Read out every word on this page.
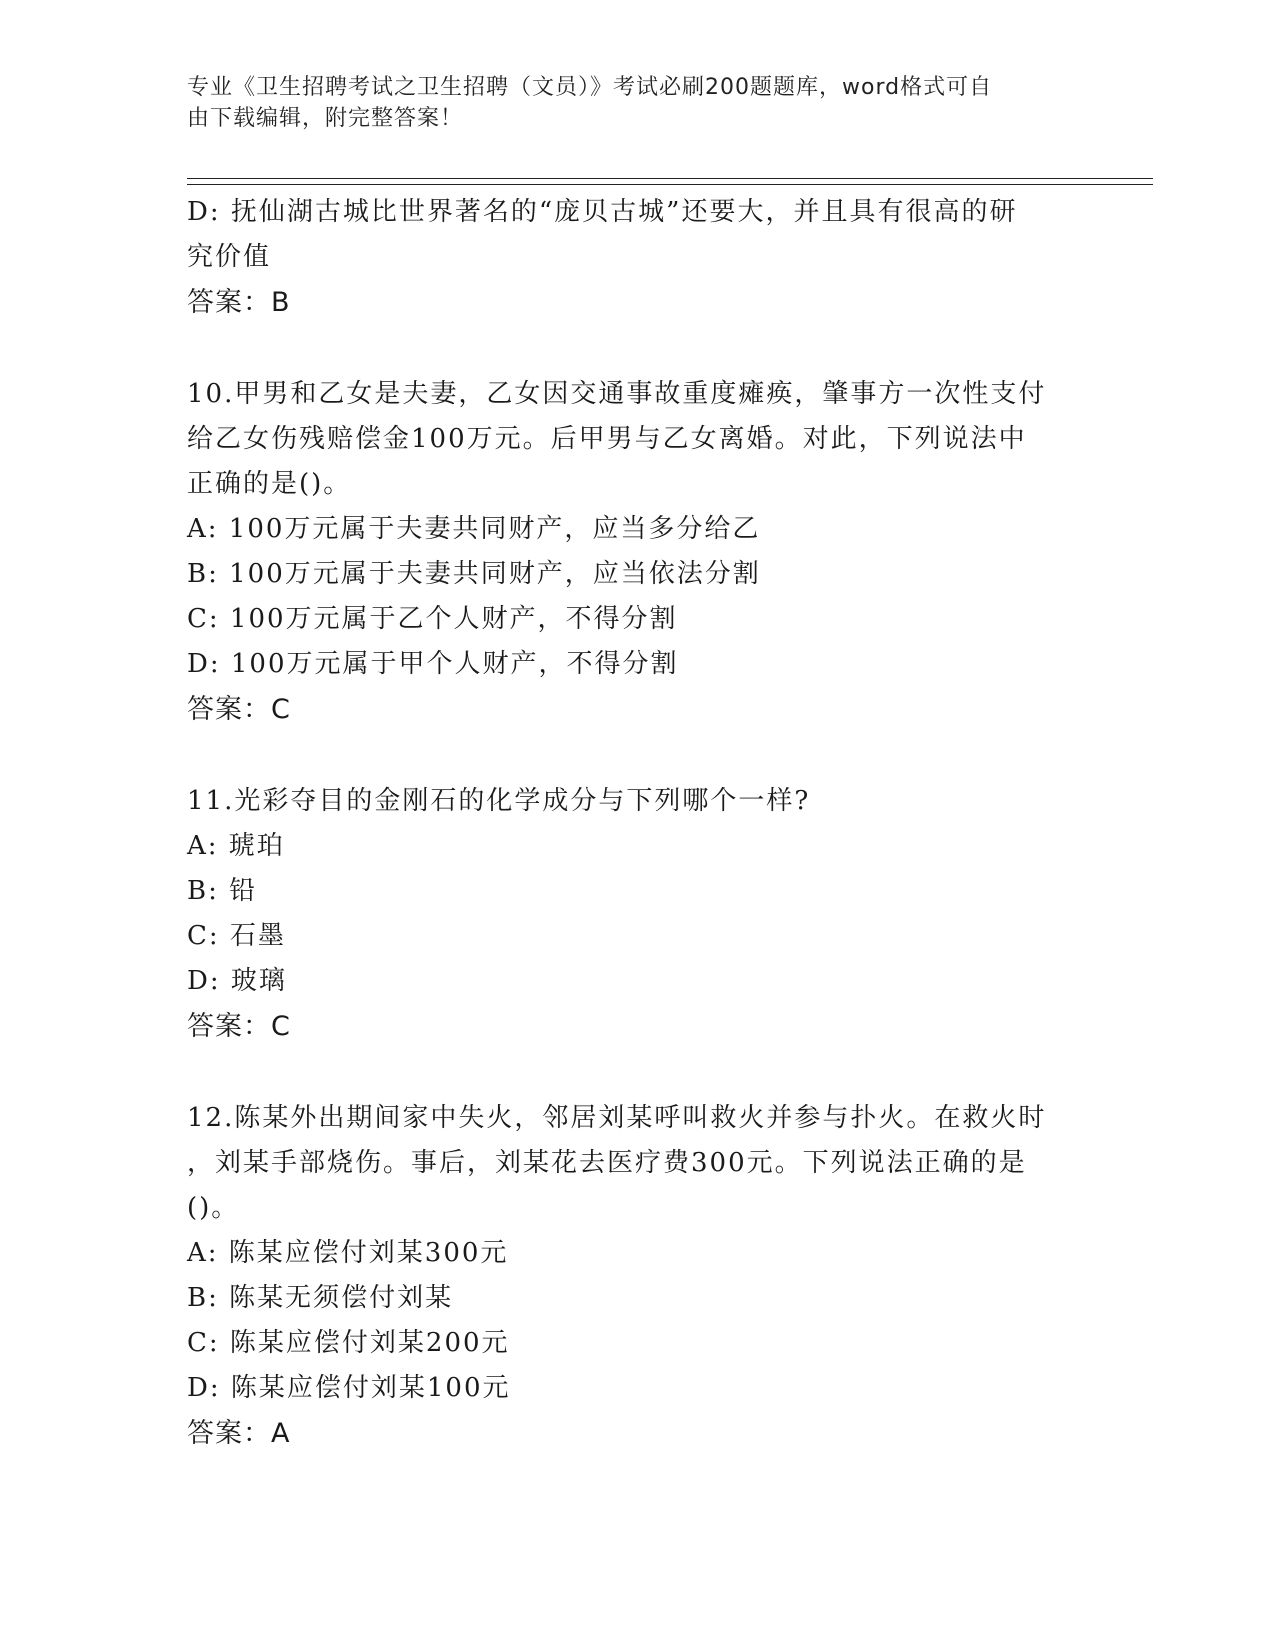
专业《卫生招聘考试之卫生招聘（文员）》考试必刷200题题库，word格式可自
由下载编辑，附完整答案！
D: 抚仙湖古城比世界著名的“庞贝古城”还要大，并且具有很高的研
究价值
答案：B
10.甲男和乙女是夫妻，乙女因交通事故重度瘫痪，肇事方一次性支付
给乙女伤残赔偿金100万元。后甲男与乙女离婚。对此，下列说法中
正确的是()。
A: 100万元属于夫妻共同财产，应当多分给乙
B: 100万元属于夫妻共同财产，应当依法分割
C: 100万元属于乙个人财产，不得分割
D: 100万元属于甲个人财产，不得分割
答案：C
11.光彩夺目的金刚石的化学成分与下列哪个一样?
A: 琥珀
B: 铅
C: 石墨
D: 玻璃
答案：C
12.陈某外出期间家中失火，邻居刘某呼叫救火并参与扑火。在救火时
，刘某手部烧伤。事后，刘某花去医疗费300元。下列说法正确的是
()。
A: 陈某应偿付刘某300元
B: 陈某无须偿付刘某
C: 陈某应偿付刘某200元
D: 陈某应偿付刘某100元
答案：A
